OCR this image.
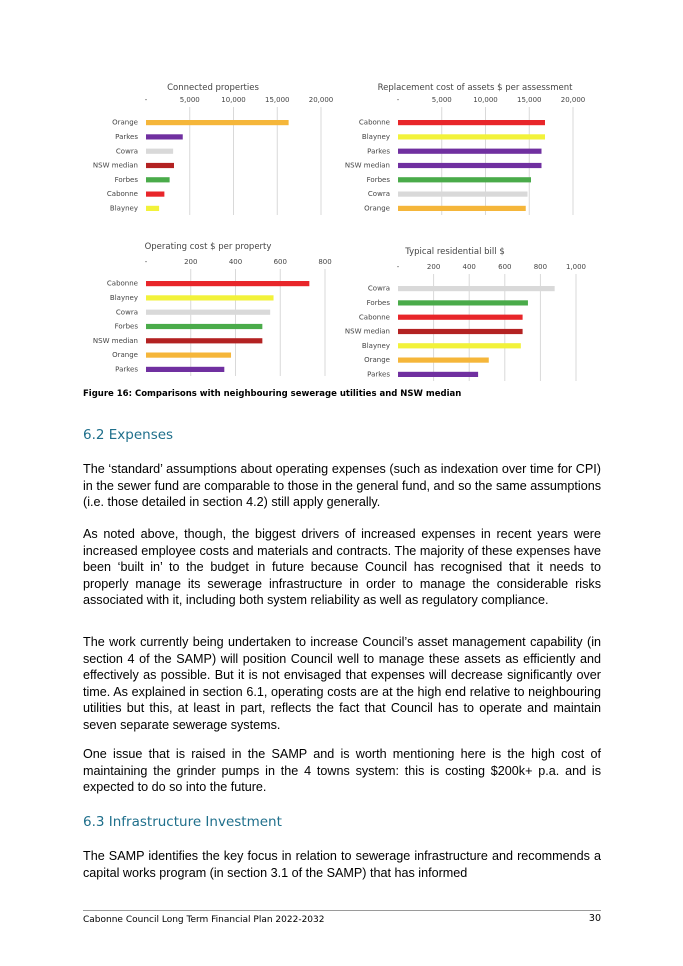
Connected properties
-	5,000	10,000	15,000	20,000
Orange
Parkes
Cowra
NSW median
Forbes
Cabonne
Blayney
Replacement cost of assets $ per assessment
-	5,000	10,000	15,000	20,000
Cabonne
Blayney
Parkes
NSW median
Forbes
Cowra
Orange
Operating cost $ per property
-	200	400	600	800
Cabonne
Blayney
Cowra
Forbes
NSW median
Orange
Parkes
Typical residential bill $
-	200	400	600	800	1,000
Cowra
Forbes
Cabonne
NSW median
Blayney
Orange
Parkes
Figure 16: Comparisons with neighbouring sewerage utilities and NSW median
6.2 Expenses

The ‘standard’ assumptions about operating expenses (such as indexation over time for CPI) in the sewer fund are comparable to those in the general fund, and so the same assumptions (i.e. those detailed in section 4.2) still apply generally.

As noted above, though, the biggest drivers of increased expenses in recent years were increased employee costs and materials and contracts. The majority of these expenses have been ‘built in’ to the budget in future because Council has recognised that it needs to properly manage its sewerage infrastructure in order to manage the considerable risks associated with it, including both system reliability as well as regulatory compliance.

The work currently being undertaken to increase Council’s asset management capability (in section 4 of the SAMP) will position Council well to manage these assets as efficiently and effectively as possible. But it is not envisaged that expenses will decrease significantly over time. As explained in section 6.1, operating costs are at the high end relative to neighbouring utilities but this, at least in part, reflects the fact that Council has to operate and maintain seven separate sewerage systems.

One issue that is raised in the SAMP and is worth mentioning here is the high cost of maintaining the grinder pumps in the 4 towns system: this is costing $200k+ p.a. and is expected to do so into the future.

6.3 Infrastructure Investment

The SAMP identifies the key focus in relation to sewerage infrastructure and recommends a capital works program (in section 3.1 of the SAMP) that has informed

Cabonne Council Long Term Financial Plan 2022-2032	30
